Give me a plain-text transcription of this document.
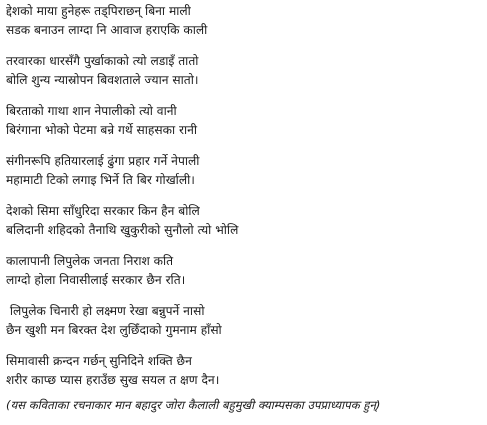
द्देशको माया हुनेहरू तड्पिराछन् बिना माली
सडक बनाउन लाग्दा नि आवाज हराएकि काली
तरवारका धारसँगै पुर्खाकाको त्यो लडाइँ तातो
बोलि शुन्य न्यास्रोपन बिवशताले ज्यान सातो।
बिरताको गाथा शान नेपालीको त्यो वानी
बिरंगाना भोको पेटमा बन्रे गर्थे साहसका रानी
संगीनरूपि हतियारलाई ढुंगा प्रहार गर्ने नेपाली
महामाटी टिको लगाइ भिर्ने ति बिर गोर्खाली।
देशको सिमा साँधुरिदा सरकार किन हैन बोलि
बलिदानी शहिदको तैनाथि खुकुरीको सुनौलो त्यो भोलि
कालापानी लिपुलेक जनता निराश कति
लाग्दो होला निवासीलाई सरकार छैन रति।
लिपुलेक चिनारी हो लक्ष्मण रेखा बन्नुपर्ने नासो
छैन खुशी मन बिरक्त देश लुछिँदाको गुमनाम हाँसो
सिमावासी क्रन्दन गर्छन् सुनिदिने शक्ति छैन
शरीर काप्छ प्यास हराउँछ सुख सयल त क्षण दैन।
(यस कविताका रचनाकार मान बहादुर जोरा कैलाली बहुमुखी क्याम्पसका उपप्राध्यापक हुन्)
